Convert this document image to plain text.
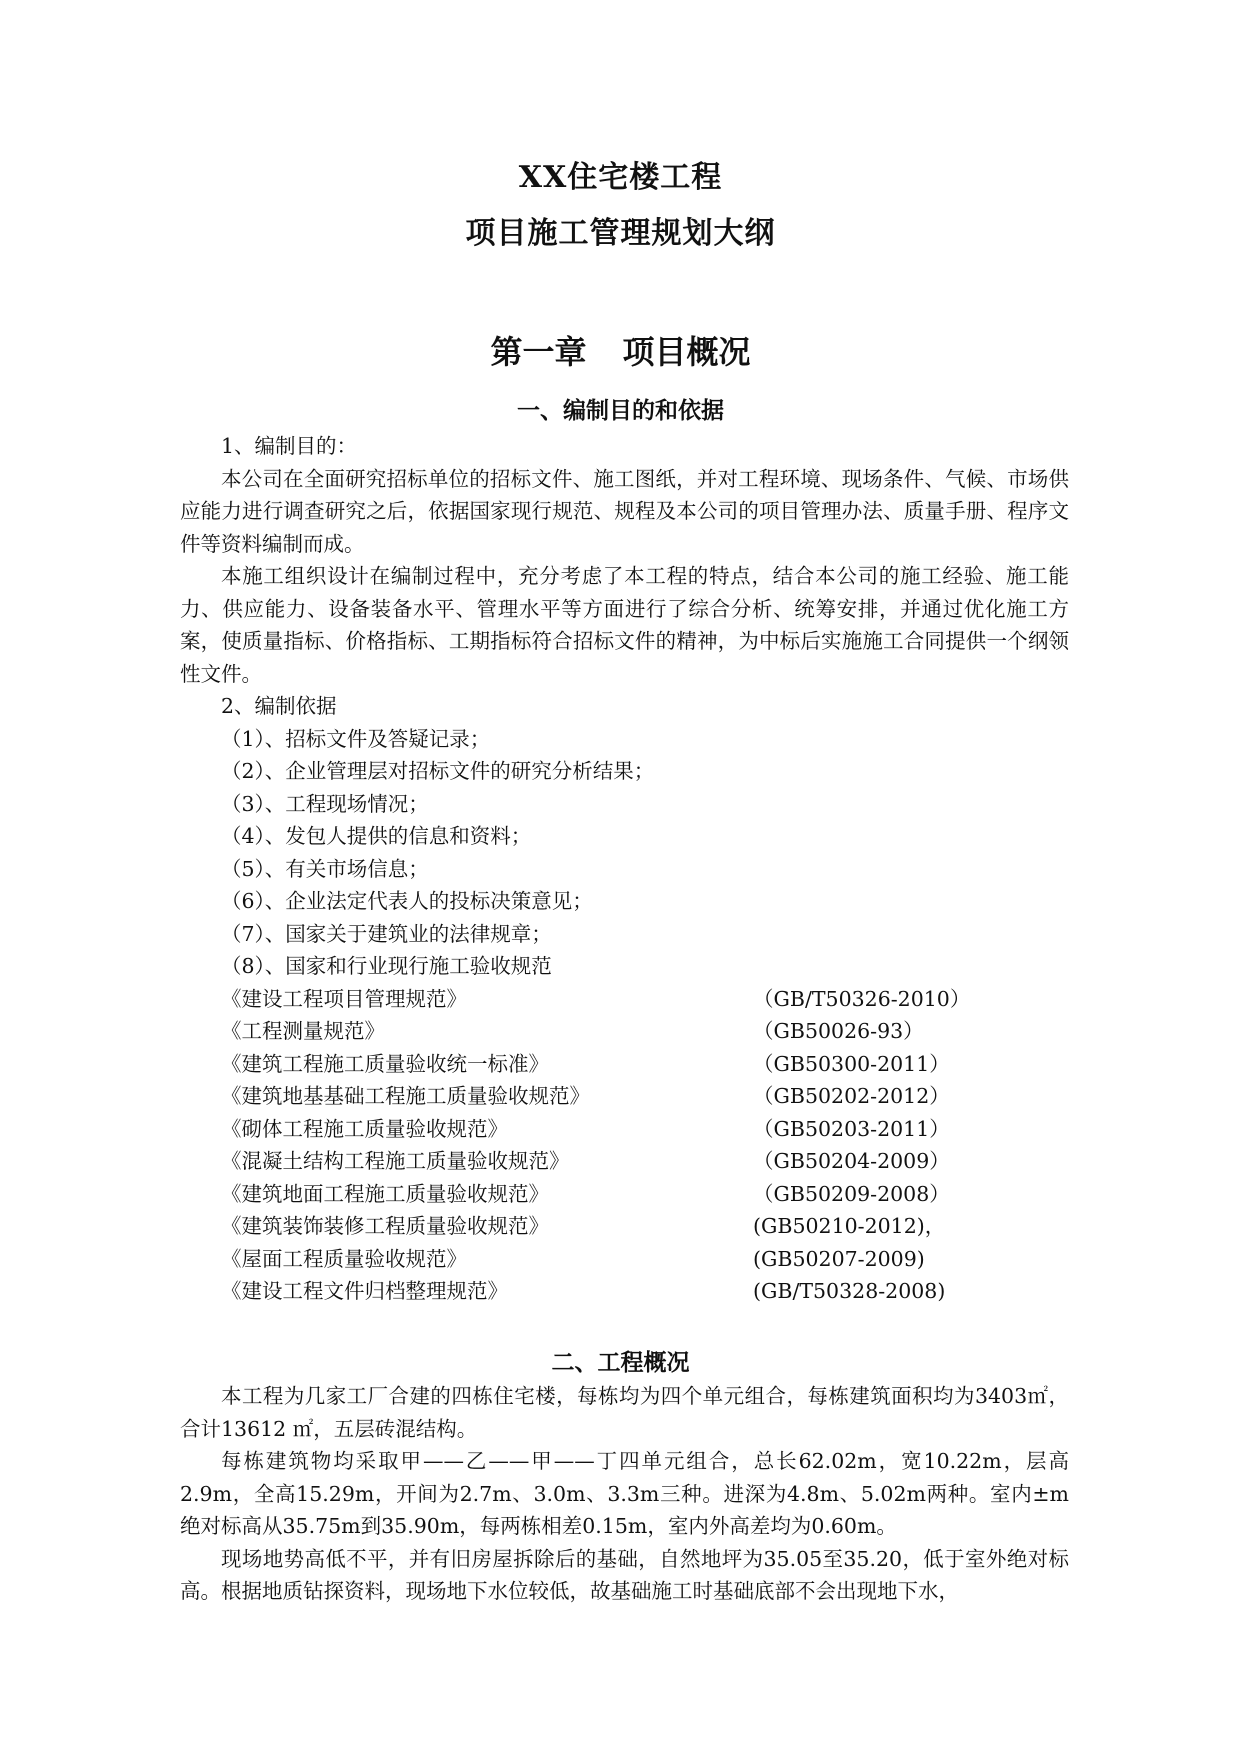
XX住宅楼工程
项目施工管理规划大纲
第一章 项目概况
一、编制目的和依据

1、编制目的：

本公司在全面研究招标单位的招标文件、施工图纸，并对工程环境、现场条件、气候、市场供应能力进行调查研究之后，依据国家现行规范、规程及本公司的项目管理办法、质量手册、程序文件等资料编制而成。

本施工组织设计在编制过程中，充分考虑了本工程的特点，结合本公司的施工经验、施工能力、供应能力、设备装备水平、管理水平等方面进行了综合分析、统筹安排，并通过优化施工方案，使质量指标、价格指标、工期指标符合招标文件的精神，为中标后实施施工合同提供一个纲领性文件。

2、编制依据

（1）、招标文件及答疑记录；
（2）、企业管理层对招标文件的研究分析结果；
（3）、工程现场情况；
（4）、发包人提供的信息和资料；
（5）、有关市场信息；
（6）、企业法定代表人的投标决策意见；
（7）、国家关于建筑业的法律规章；
（8）、国家和行业现行施工验收规范
《建设工程项目管理规范》	（GB/T50326-2010）
《工程测量规范》	（GB50026-93）
《建筑工程施工质量验收统一标准》	（GB50300-2011）
《建筑地基基础工程施工质量验收规范》	（GB50202-2012）
《砌体工程施工质量验收规范》	（GB50203-2011）
《混凝土结构工程施工质量验收规范》	（GB50204-2009）
《建筑地面工程施工质量验收规范》	（GB50209-2008）
《建筑装饰装修工程质量验收规范》	(GB50210-2012)，
《屋面工程质量验收规范》	(GB50207-2009)
《建设工程文件归档整理规范》	(GB/T50328-2008)
二、工程概况

本工程为几家工厂合建的四栋住宅楼，每栋均为四个单元组合，每栋建筑面积均为3403㎡，合计13612 ㎡，五层砖混结构。

每栋建筑物均采取甲——乙——甲——丁四单元组合，总长62.02m，宽10.22m，层高2.9m，全高15.29m，开间为2.7m、3.0m、3.3m三种。进深为4.8m、5.02m两种。室内±m绝对标高从35.75m到35.90m，每两栋相差0.15m，室内外高差均为0.60m。

现场地势高低不平，并有旧房屋拆除后的基础，自然地坪为35.05至35.20，低于室外绝对标高。根据地质钻探资料，现场地下水位较低，故基础施工时基础底部不会出现地下水，
